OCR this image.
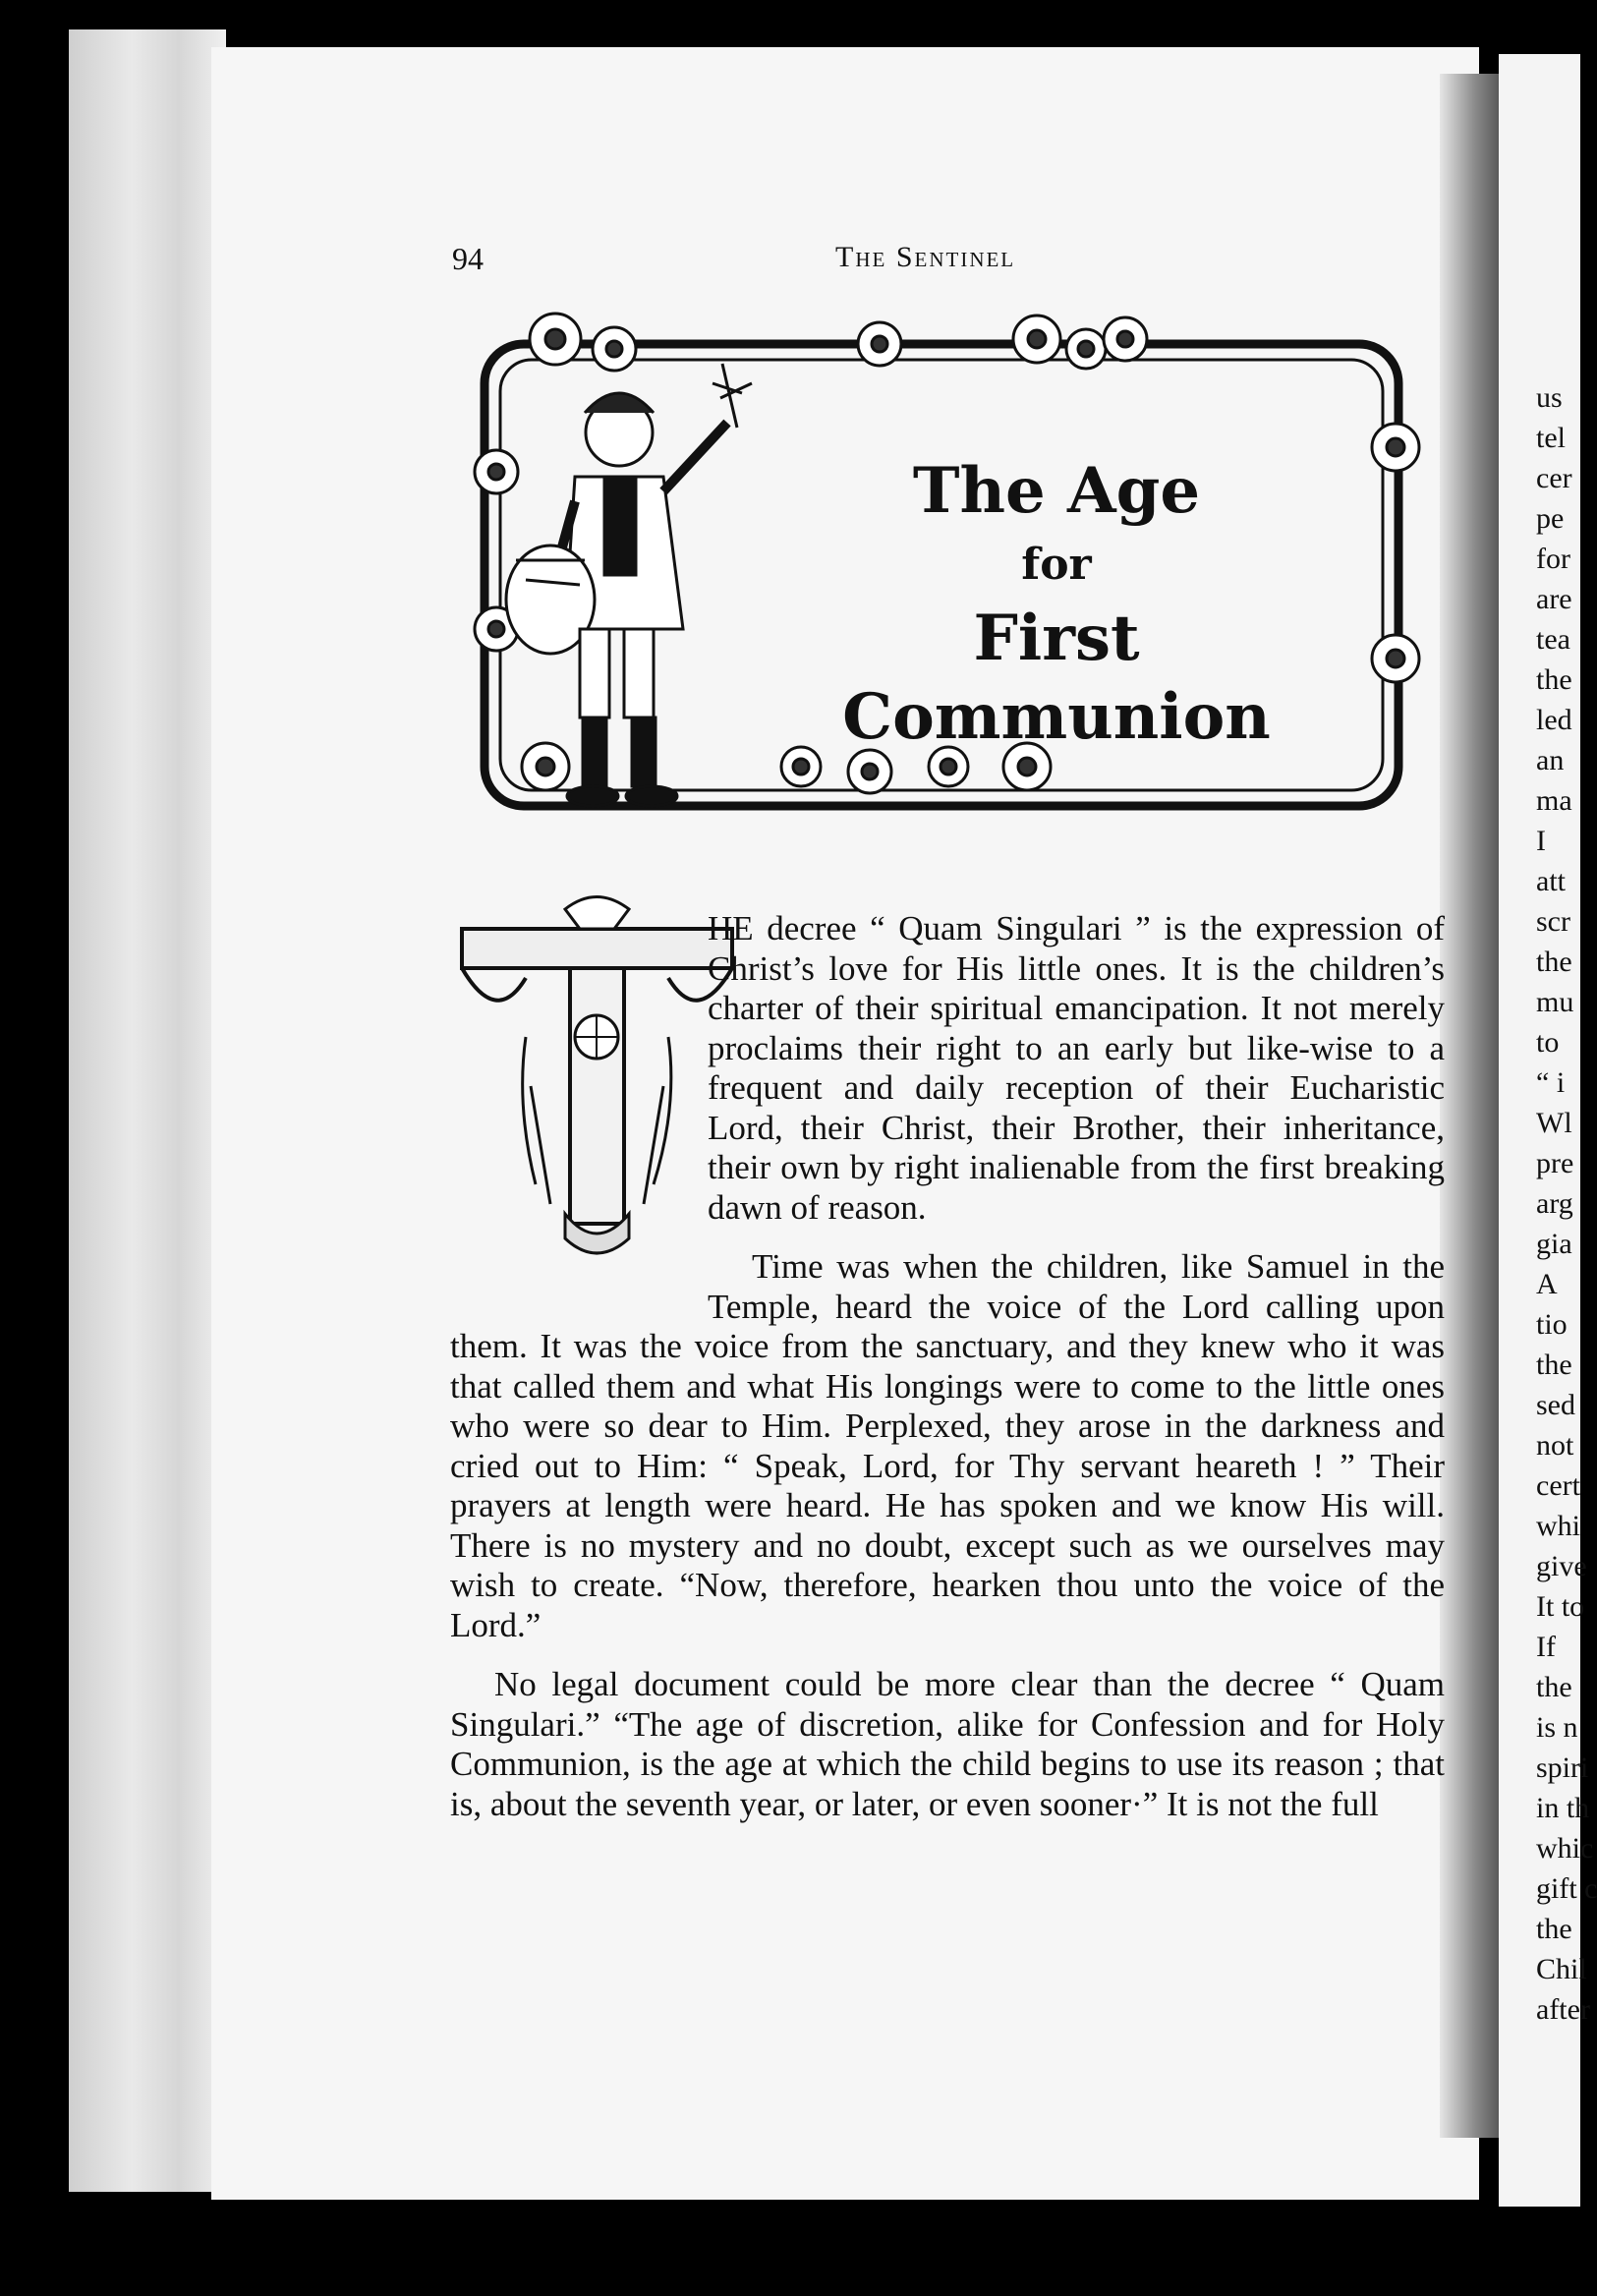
us
tel
cer
pe
for
are
tea
the
led
an
ma
I
att
scr
the
mu
to
“ i
Wl
pre
arg
gia
A
tio
the
sed
not
cert
whi
give
It to
If
the
is n
spiri
in th
whic
gift c
the
Chil
after
94	The Sentinel
The Age
for
First Communion

HE decree “ Quam Singulari ” is the expression of Christ’s love for His little ones. It is the children’s charter of their spiritual emancipation. It not merely proclaims their right to an early but like-wise to a frequent and daily reception of their Eucharistic Lord, their Christ, their Brother, their inheritance, their own by right inalienable from the first breaking dawn of reason.

Time was when the children, like Samuel in the Temple, heard the voice of the Lord calling upon them. It was the voice from the sanctuary, and they knew who it was that called them and what His longings were to come to the little ones who were so dear to Him. Perplexed, they arose in the darkness and cried out to Him: “ Speak, Lord, for Thy servant heareth ! ” Their prayers at length were heard. He has spoken and we know His will. There is no mystery and no doubt, except such as we ourselves may wish to create. “Now, therefore, hearken thou unto the voice of the Lord.”

No legal document could be more clear than the decree “ Quam Singulari.” “The age of discretion, alike for Confession and for Holy Communion, is the age at which the child begins to use its reason ; that is, about the seventh year, or later, or even sooner·” It is not the full
